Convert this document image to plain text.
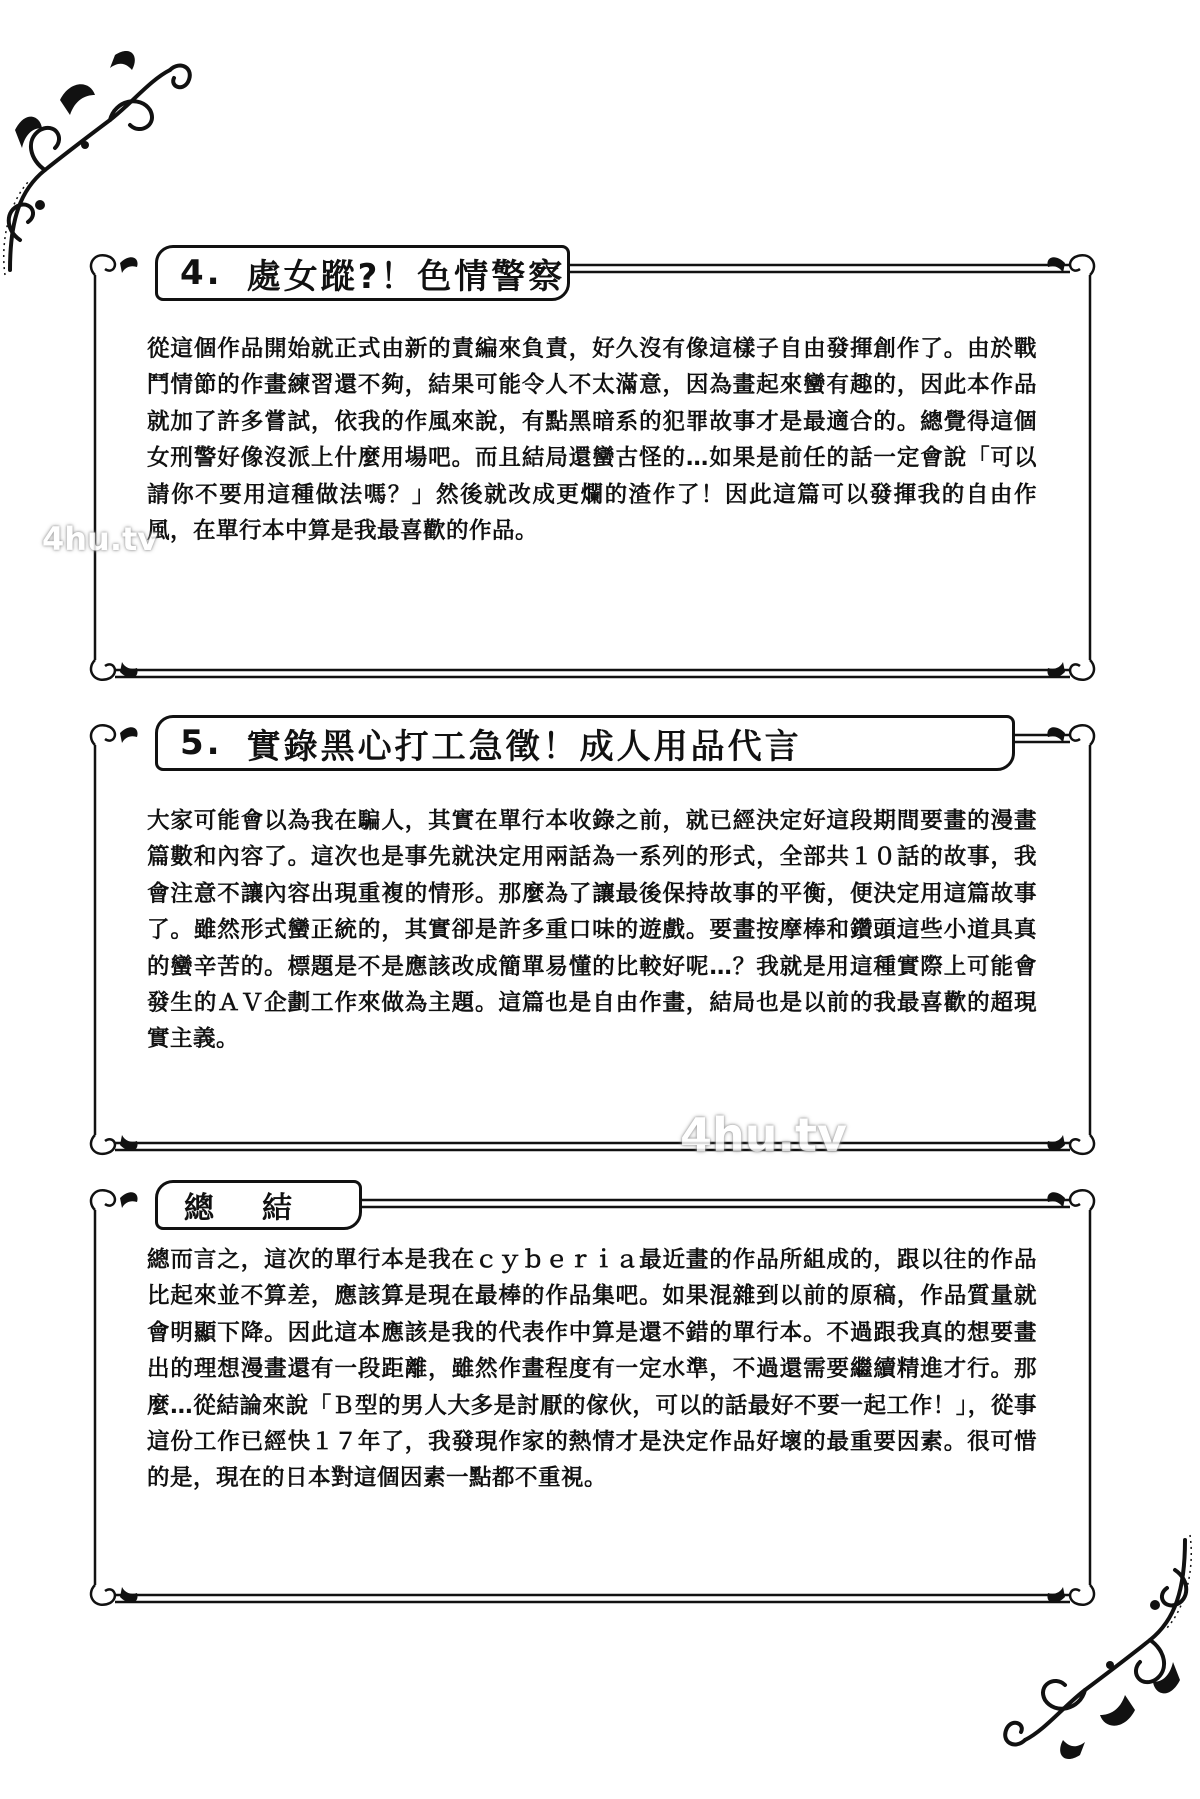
4. 處女蹤?！色情警察
從這個作品開始就正式由新的責編來負責，好久沒有像這樣子自由發揮創作了。由於戰鬥情節的作畫練習還不夠，結果可能令人不太滿意，因為畫起來蠻有趣的，因此本作品就加了許多嘗試，依我的作風來說，有點黑暗系的犯罪故事才是最適合的。總覺得這個女刑警好像沒派上什麼用場吧。而且結局還蠻古怪的…如果是前任的話一定會說「可以請你不要用這種做法嗎？」然後就改成更爛的渣作了！因此這篇可以發揮我的自由作風，在單行本中算是我最喜歡的作品。
5. 實錄黑心打工急徵！成人用品代言
大家可能會以為我在騙人，其實在單行本收錄之前，就已經決定好這段期間要畫的漫畫篇數和內容了。這次也是事先就決定用兩話為一系列的形式，全部共１０話的故事，我會注意不讓內容出現重複的情形。那麼為了讓最後保持故事的平衡，便決定用這篇故事了。雖然形式蠻正統的，其實卻是許多重口味的遊戲。要畫按摩棒和鑽頭這些小道具真的蠻辛苦的。標題是不是應該改成簡單易懂的比較好呢…？我就是用這種實際上可能會發生的ＡＶ企劃工作來做為主題。這篇也是自由作畫，結局也是以前的我最喜歡的超現實主義。
總結
總而言之，這次的單行本是我在ｃｙｂｅｒｉａ最近畫的作品所組成的，跟以往的作品比起來並不算差，應該算是現在最棒的作品集吧。如果混雜到以前的原稿，作品質量就會明顯下降。因此這本應該是我的代表作中算是還不錯的單行本。不過跟我真的想要畫出的理想漫畫還有一段距離，雖然作畫程度有一定水準，不過還需要繼續精進才行。那麼…從結論來說「Ｂ型的男人大多是討厭的傢伙，可以的話最好不要一起工作！」，從事這份工作已經快１７年了，我發現作家的熱情才是決定作品好壞的最重要因素。很可惜的是，現在的日本對這個因素一點都不重視。
4hu.tv
4hu.tv
